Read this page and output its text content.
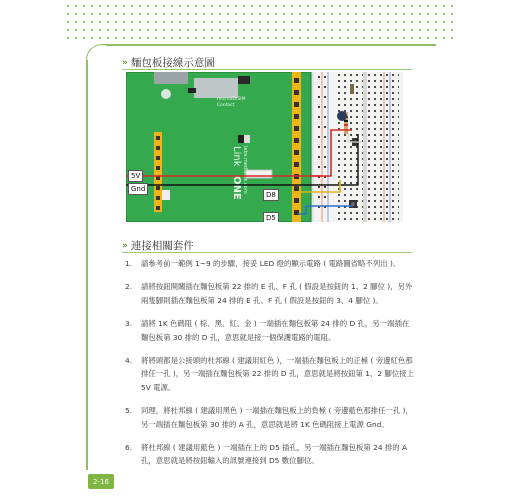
» 麵包板接線示意圖
microSD/SIM
Contact
Link
ONE labs.mediatek.com
5V
Gnd
D8
D5
» 連接相關套件
1.	請參考前一範例 1~9 的步驟，接妥 LED 燈的顯示電路 ( 電路圖省略不列出 )。
2.	請將按鈕開關插在麵包板第 22 排的 E 孔、F 孔 ( 假設是按鈕的 1、2 腳位 )，另外兩隻腳則插在麵包板第 24 排的 E 孔、F 孔 ( 假設是按鈕的 3、4 腳位 )。
3.	請將 1K 色碼阻 ( 棕、黑、紅、金 ) 一端插在麵包板第 24 排的 D 孔，另一端插在麵包板第 30 排的 D 孔，意思就是接一個保護電路的電阻。
4.	將將頭都是公接頭的杜邦線 ( 建議用紅色 )，一端插在麵包板上的正極 ( 旁邊紅色那排任一孔 )，另一端插在麵包板第 22 排的 D 孔，意思就是將按鈕第 1、2 腳位接上 5V 電源。
5.	同理，將杜邦線 ( 建議用黑色 ) 一端插在麵包板上的負極 ( 旁邊藍色那排任一孔 )，另一端插在麵包板第 30 排的 A 孔，意思就是將 1K 色碼阻接上電源 Gnd。
6.	將杜邦線 ( 建議用藍色 ) 一端插在上的 D5 插孔，另一端插在麵包板第 24 排的 A 孔，意思就是將按鈕輸入的訊號連接到 D5 數位腳位。
2-16
